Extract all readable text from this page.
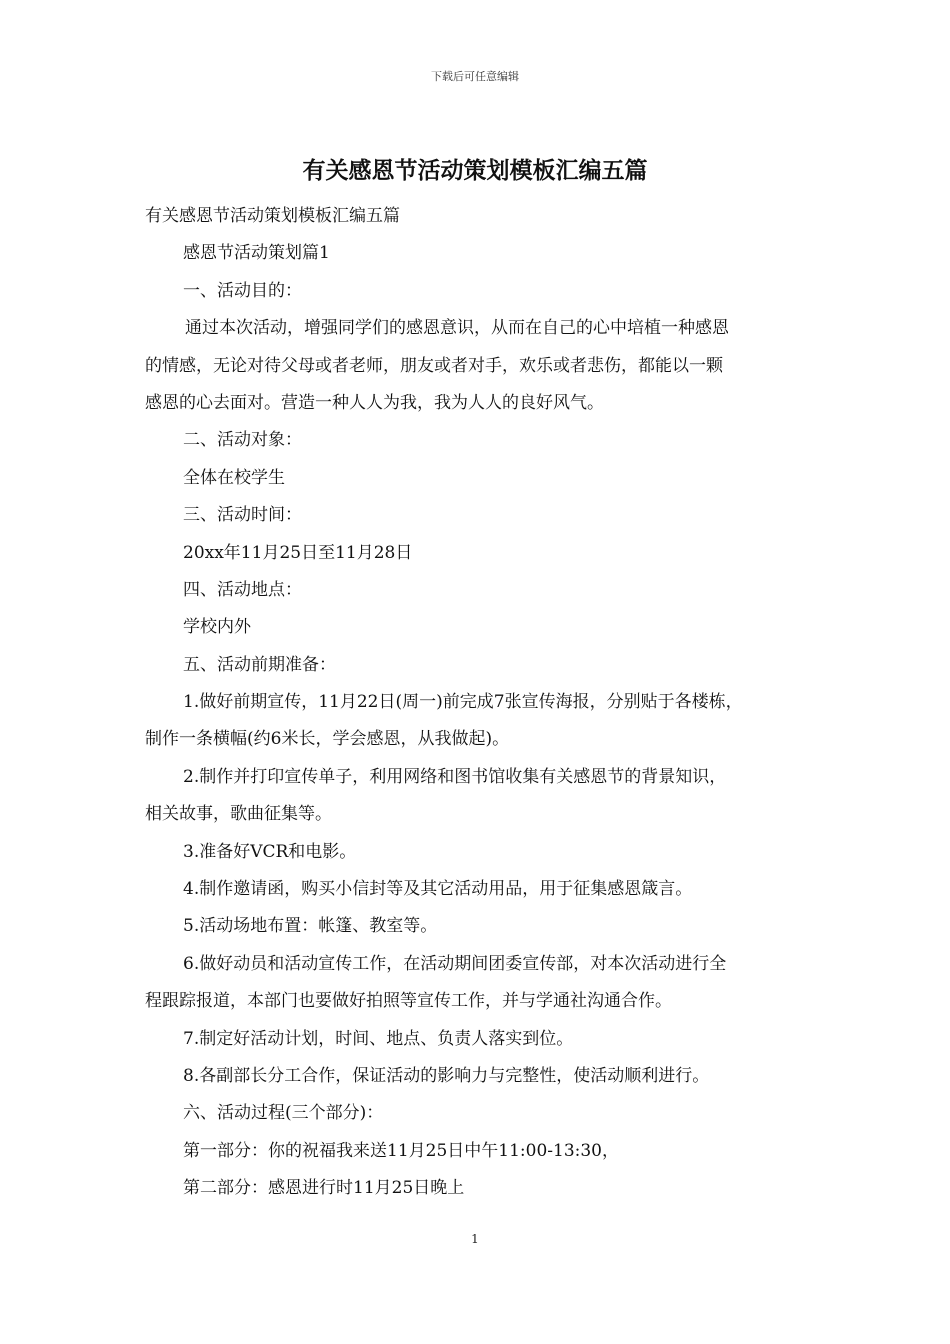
下载后可任意编辑
有关感恩节活动策划模板汇编五篇
有关感恩节活动策划模板汇编五篇
感恩节活动策划篇1
一、活动目的：
通过本次活动，增强同学们的感恩意识，从而在自己的心中培植一种感恩
的情感，无论对待父母或者老师，朋友或者对手，欢乐或者悲伤，都能以一颗
感恩的心去面对。营造一种人人为我，我为人人的良好风气。
二、活动对象：
全体在校学生
三、活动时间：
20xx年11月25日至11月28日
四、活动地点：
学校内外
五、活动前期准备：
1.做好前期宣传，11月22日(周一)前完成7张宣传海报，分别贴于各楼栋，
制作一条横幅(约6米长，学会感恩，从我做起)。
2.制作并打印宣传单子，利用网络和图书馆收集有关感恩节的背景知识，
相关故事，歌曲征集等。
3.准备好VCR和电影。
4.制作邀请函，购买小信封等及其它活动用品，用于征集感恩箴言。
5.活动场地布置：帐篷、教室等。
6.做好动员和活动宣传工作，在活动期间团委宣传部，对本次活动进行全
程跟踪报道，本部门也要做好拍照等宣传工作，并与学通社沟通合作。
7.制定好活动计划，时间、地点、负责人落实到位。
8.各副部长分工合作，保证活动的影响力与完整性，使活动顺利进行。
六、活动过程(三个部分)：
第一部分：你的祝福我来送11月25日中午11:00-13:30，
第二部分：感恩进行时11月25日晚上
1
